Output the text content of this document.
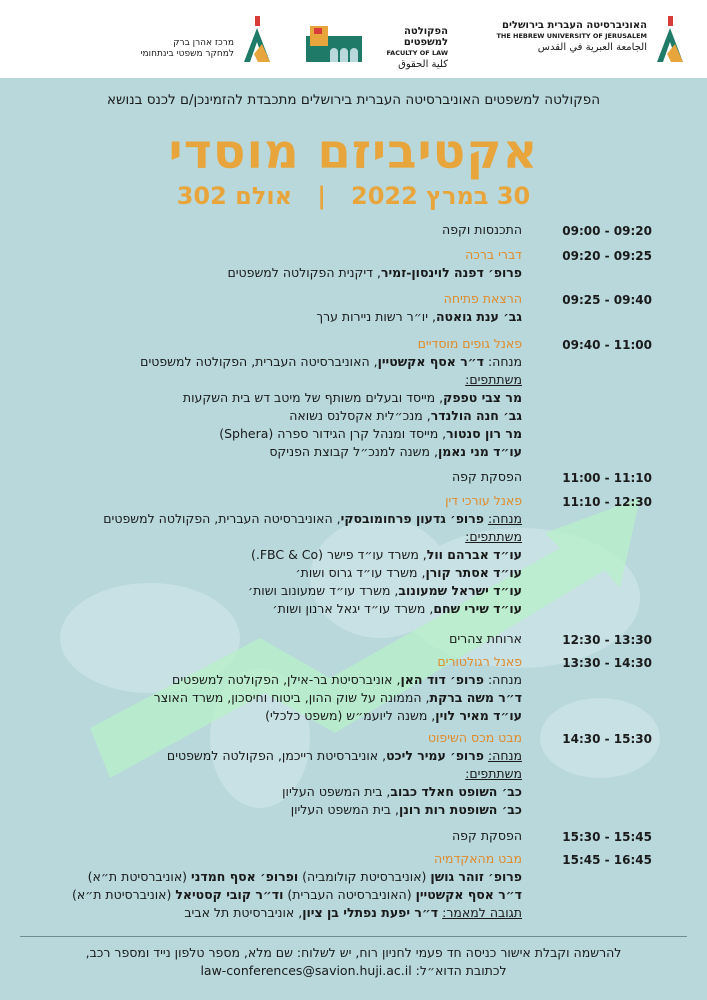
האוניברסיטה העברית בירושלים
THE HEBREW UNIVERSITY OF JERUSALEM
الجامعة العبرية في القدس
הפקולטה למשפטים
FACULTY OF LAW
كلية الحقوق
מרכז אהרן ברק
למחקר משפטי בינתחומי
הפקולטה למשפטים האוניברסיטה העברית בירושלים מתכבדת להזמינכן/ם לכנס בנושא
אקטיביזם מוסדי
30 במרץ 2022   |   אולם 302
09:00 - 09:20
התכנסות וקפה
09:20 - 09:25
דברי ברכה
פרופ׳ דפנה לוינסון-זמיר, דיקנית הפקולטה למשפטים
09:25 - 09:40
הרצאת פתיחה
גב׳ ענת גואטה, יו״ר רשות ניירות ערך
09:40 - 11:00
פאנל גופים מוסדיים
מנחה: ד״ר אסף אקשטיין, האוניברסיטה העברית, הפקולטה למשפטים
משתתפים:
מר צבי טפפק, מייסד ובעלים משותף של מיטב דש בית השקעות
גב׳ חנה הולנדר, מנכ״לית אקסלנס נשואה
מר רון סנטור, מייסד ומנהל קרן הגידור ספרה (Sphera)
עו״ד מני נאמן, משנה למנכ״ל קבוצת הפניקס
11:00 - 11:10
הפסקת קפה
11:10 - 12:30
פאנל עורכי דין
מנחה: פרופ׳ גדעון פרחומובסקי, האוניברסיטה העברית, הפקולטה למשפטים
משתתפים:
עו״ד אברהם וול, משרד עו״ד פישר (FBC & Co.)
עו״ד אסתר קורן, משרד עו״ד גרוס ושות׳
עו״ד ישראל שמעונוב, משרד עו״ד שמעונוב ושות׳
עו״ד שירי שחם, משרד עו״ד יגאל ארנון ושות׳
12:30 - 13:30
ארוחת צהרים
13:30 - 14:30
פאנל רגולטורים
מנחה: פרופ׳ דוד האן, אוניברסיטת בר-אילן, הפקולטה למשפטים
ד״ר משה ברקת, הממונה על שוק ההון, ביטוח וחיסכון, משרד האוצר
עו״ד מאיר לוין, משנה ליועמ״ש (משפט כלכלי)
14:30 - 15:30
מבט מכס השיפוט
מנחה: פרופ׳ עמיר ליכט, אוניברסיטת רייכמן, הפקולטה למשפטים
משתתפים:
כב׳ השופט חאלד כבוב, בית המשפט העליון
כב׳ השופטת רות רונן, בית המשפט העליון
15:30 - 15:45
הפסקת קפה
15:45 - 16:45
מבט מהאקדמיה
פרופ׳ זוהר גושן (אוניברסיטת קולומביה) ופרופ׳ אסף חמדני (אוניברסיטת ת״א)
ד״ר אסף אקשטיין (האוניברסיטה העברית) וד״ר קובי קסטיאל (אוניברסיטת ת״א)
תגובה למאמר: ד״ר יפעת נפתלי בן ציון, אוניברסיטת תל אביב
להרשמה וקבלת אישור כניסה חד פעמי לחניון רוח, יש לשלוח: שם מלא, מספר טלפון נייד ומספר רכב,
לכתובת הדוא״ל: law-conferences@savion.huji.ac.il
